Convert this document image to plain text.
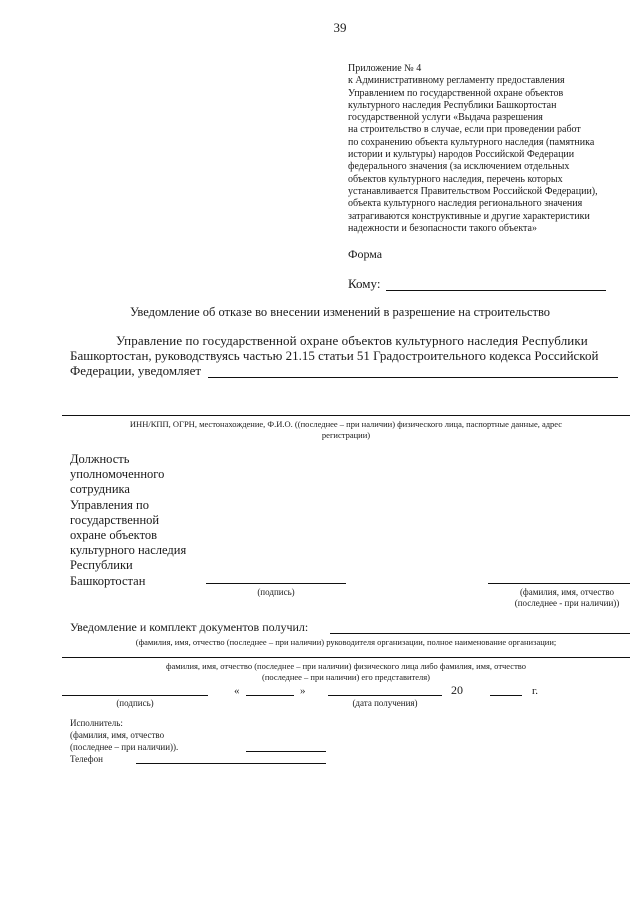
39
Приложение № 4
к Административному регламенту предоставления
Управлением по государственной охране объектов
культурного наследия Республики Башкортостан
государственной услуги «Выдача разрешения
на строительство в случае, если при проведении работ
по сохранению объекта культурного наследия (памятника
истории и культуры) народов Российской Федерации
федерального значения (за исключением отдельных
объектов культурного наследия, перечень которых
устанавливается Правительством Российской Федерации),
объекта культурного наследия регионального значения
затрагиваются конструктивные и другие характеристики
надежности и безопасности такого объекта»
Форма
Кому:
Уведомление об отказе во внесении изменений в разрешение на строительство
Управление по государственной охране объектов культурного наследия Республики
Башкортостан, руководствуясь частью 21.15 статьи 51 Градостроительного кодекса Российской
Федерации, уведомляет
ИНН/КПП, ОГРН, местонахождение, Ф.И.О. ((последнее – при наличии) физического лица, паспортные данные, адрес
регистрации)
Должность
уполномоченного
сотрудника
Управления по
государственной
охране объектов
культурного наследия
Республики
Башкортостан
(подпись)	(фамилия, имя, отчество (последнее - при наличии))
Уведомление и комплект документов получил:
(фамилия, имя, отчество (последнее – при наличии) руководителя организации, полное наименование организации;
фамилия, имя, отчество (последнее – при наличии) физического лица либо фамилия, имя, отчество
(последнее – при наличии) его представителя)
«	»	20	г.
(подпись)	(дата получения)
Исполнитель:
(фамилия, имя, отчество
(последнее – при наличии)).
Телефон
